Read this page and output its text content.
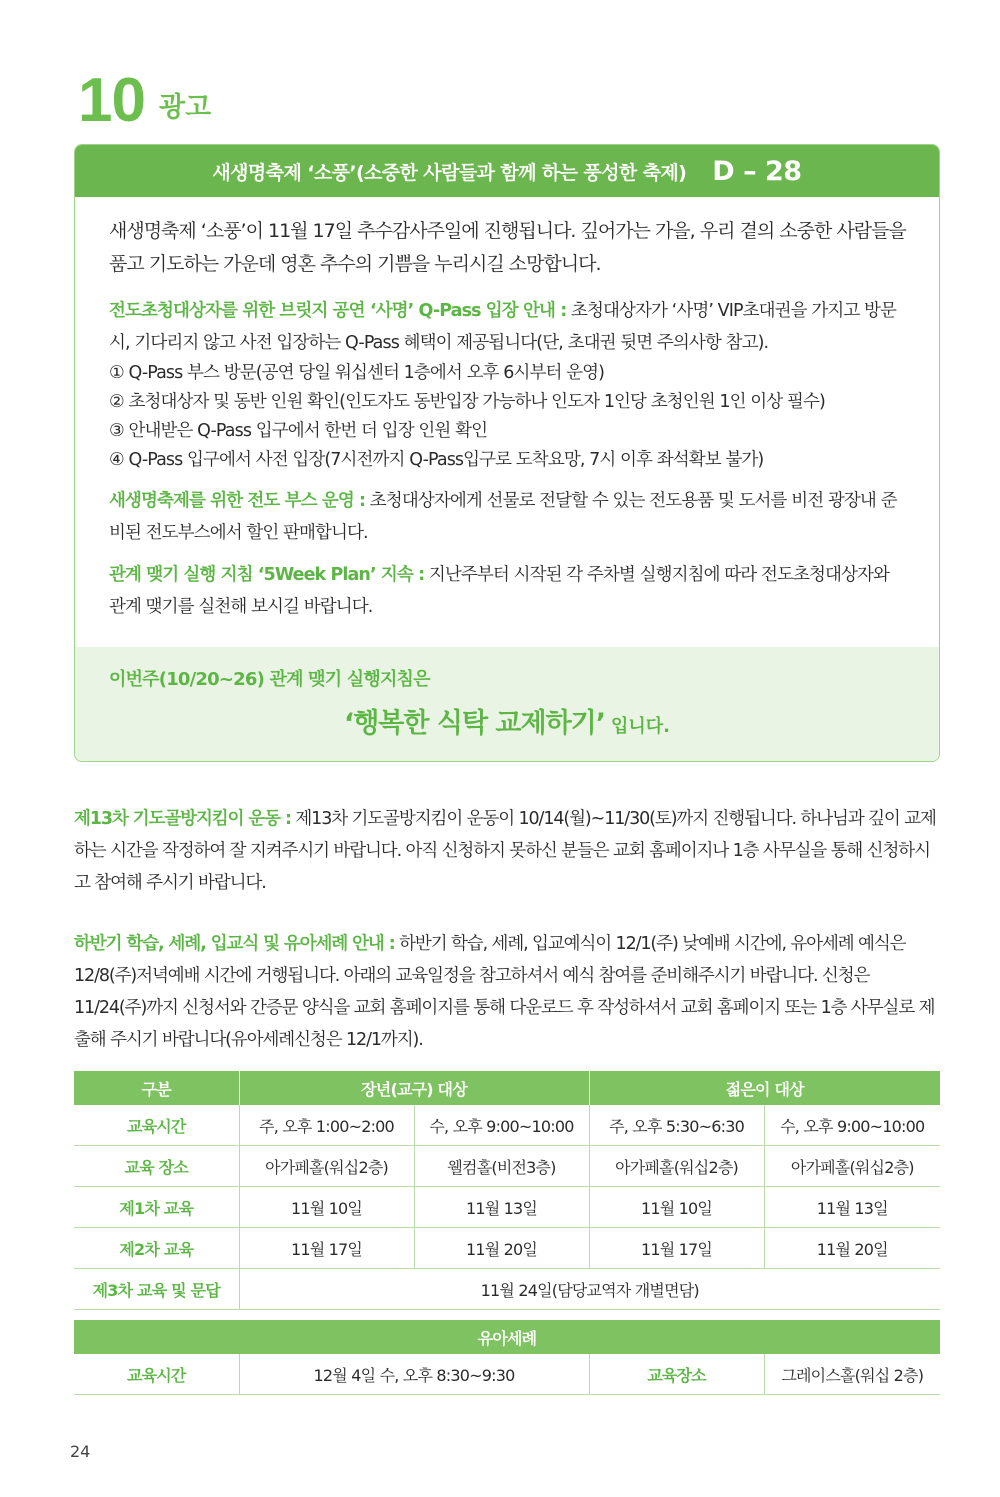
10 광고
새생명축제 ‘소풍’(소중한 사람들과 함께 하는 풍성한 축제) D – 28
새생명축제 ‘소풍’이 11월 17일 추수감사주일에 진행됩니다. 깊어가는 가을, 우리 곁의 소중한 사람들을 품고 기도하는 가운데 영혼 추수의 기쁨을 누리시길 소망합니다.
전도초청대상자를 위한 브릿지 공연 ‘사명’ Q-Pass 입장 안내 : 초청대상자가 ‘사명’ VIP초대권을 가지고 방문시, 기다리지 않고 사전 입장하는 Q-Pass 혜택이 제공됩니다(단, 초대권 뒷면 주의사항 참고).
① Q-Pass 부스 방문(공연 당일 워십센터 1층에서 오후 6시부터 운영)
② 초청대상자 및 동반 인원 확인(인도자도 동반입장 가능하나 인도자 1인당 초청인원 1인 이상 필수)
③ 안내받은 Q-Pass 입구에서 한번 더 입장 인원 확인
④ Q-Pass 입구에서 사전 입장(7시전까지 Q-Pass입구로 도착요망, 7시 이후 좌석확보 불가)
새생명축제를 위한 전도 부스 운영 : 초청대상자에게 선물로 전달할 수 있는 전도용품 및 도서를 비전 광장내 준비된 전도부스에서 할인 판매합니다.
관계 맺기 실행 지침 ‘5Week Plan’ 지속 : 지난주부터 시작된 각 주차별 실행지침에 따라 전도초청대상자와 관계 맺기를 실천해 보시길 바랍니다.
이번주(10/20~26) 관계 맺기 실행지침은
‘행복한 식탁 교제하기’ 입니다.
제13차 기도골방지킴이 운동 : 제13차 기도골방지킴이 운동이 10/14(월)~11/30(토)까지 진행됩니다. 하나님과 깊이 교제하는 시간을 작정하여 잘 지켜주시기 바랍니다. 아직 신청하지 못하신 분들은 교회 홈페이지나 1층 사무실을 통해 신청하시고 참여해 주시기 바랍니다.
하반기 학습, 세례, 입교식 및 유아세례 안내 : 하반기 학습, 세례, 입교예식이 12/1(주) 낮예배 시간에, 유아세례 예식은 12/8(주)저녁예배 시간에 거행됩니다. 아래의 교육일정을 참고하셔서 예식 참여를 준비해주시기 바랍니다. 신청은 11/24(주)까지 신청서와 간증문 양식을 교회 홈페이지를 통해 다운로드 후 작성하셔서 교회 홈페이지 또는 1층 사무실로 제출해 주시기 바랍니다(유아세례신청은 12/1까지).
구분	장년(교구) 대상		젊은이 대상	
교육시간	주, 오후 1:00~2:00	수, 오후 9:00~10:00	주, 오후 5:30~6:30	수, 오후 9:00~10:00
교육 장소	아가페홀(워십2층)	웰컴홀(비전3층)	아가페홀(워십2층)	아가페홀(워십2층)
제1차 교육	11월 10일	11월 13일	11월 10일	11월 13일
제2차 교육	11월 17일	11월 20일	11월 17일	11월 20일
제3차 교육 및 문답	11월 24일(담당교역자 개별면담)			

유아세례				
교육시간	12월 4일 수, 오후 8:30~9:30		교육장소	그레이스홀(워십 2층)
24
